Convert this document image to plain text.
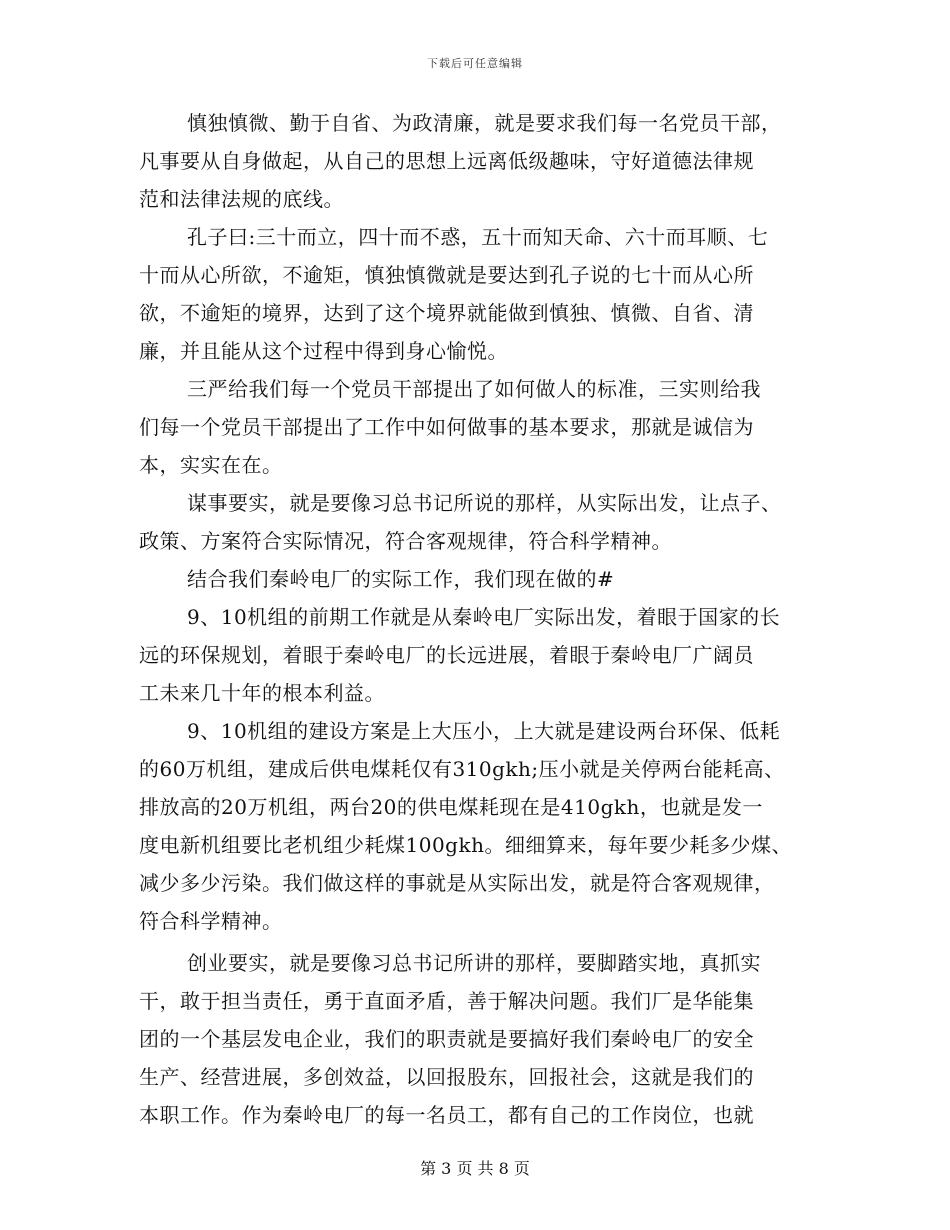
下载后可任意编辑
慎独慎微、勤于自省、为政清廉，就是要求我们每一名党员干部，
凡事要从自身做起，从自己的思想上远离低级趣味，守好道德法律规
范和法律法规的底线。
孔子曰:三十而立，四十而不惑，五十而知天命、六十而耳顺、七
十而从心所欲，不逾矩，慎独慎微就是要达到孔子说的七十而从心所
欲，不逾矩的境界，达到了这个境界就能做到慎独、慎微、自省、清
廉，并且能从这个过程中得到身心愉悦。
三严给我们每一个党员干部提出了如何做人的标准，三实则给我
们每一个党员干部提出了工作中如何做事的基本要求，那就是诚信为
本，实实在在。
谋事要实，就是要像习总书记所说的那样，从实际出发，让点子、
政策、方案符合实际情况，符合客观规律，符合科学精神。
结合我们秦岭电厂的实际工作，我们现在做的#
9、10机组的前期工作就是从秦岭电厂实际出发，着眼于国家的长
远的环保规划，着眼于秦岭电厂的长远进展，着眼于秦岭电厂广阔员
工未来几十年的根本利益。
9、10机组的建设方案是上大压小，上大就是建设两台环保、低耗
的60万机组，建成后供电煤耗仅有310gkh;压小就是关停两台能耗高、
排放高的20万机组，两台20的供电煤耗现在是410gkh，也就是发一
度电新机组要比老机组少耗煤100gkh。细细算来，每年要少耗多少煤、
减少多少污染。我们做这样的事就是从实际出发，就是符合客观规律，
符合科学精神。
创业要实，就是要像习总书记所讲的那样，要脚踏实地，真抓实
干，敢于担当责任，勇于直面矛盾，善于解决问题。我们厂是华能集
团的一个基层发电企业，我们的职责就是要搞好我们秦岭电厂的安全
生产、经营进展，多创效益，以回报股东，回报社会，这就是我们的
本职工作。作为秦岭电厂的每一名员工，都有自己的工作岗位，也就
第 3 页 共 8 页
